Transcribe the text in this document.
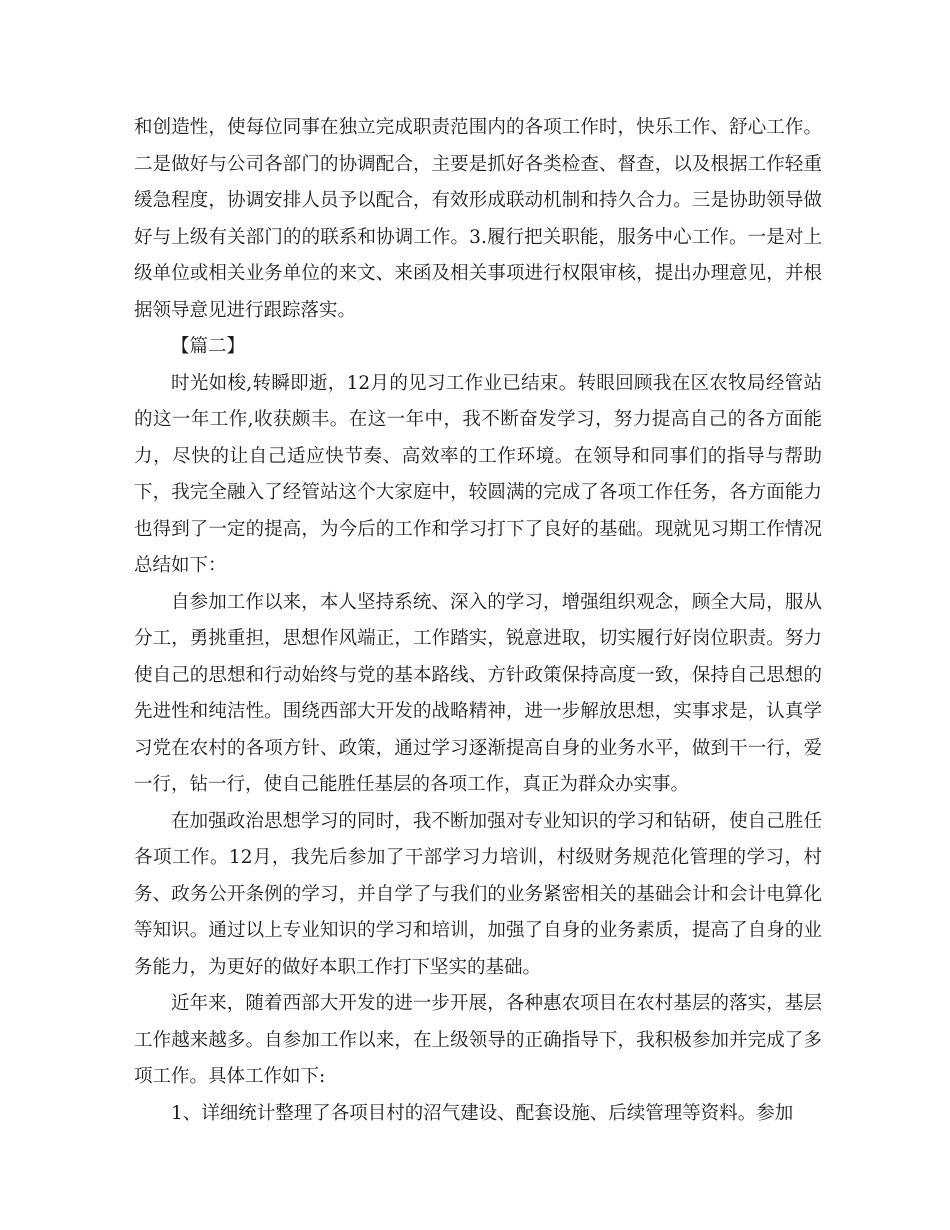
和创造性，使每位同事在独立完成职责范围内的各项工作时，快乐工作、舒心工作。二是做好与公司各部门的协调配合，主要是抓好各类检查、督查，以及根据工作轻重缓急程度，协调安排人员予以配合，有效形成联动机制和持久合力。三是协助领导做好与上级有关部门的的联系和协调工作。3.履行把关职能，服务中心工作。一是对上级单位或相关业务单位的来文、来函及相关事项进行权限审核，提出办理意见，并根据领导意见进行跟踪落实。

【篇二】

时光如梭,转瞬即逝，12月的见习工作业已结束。转眼回顾我在区农牧局经管站的这一年工作,收获颇丰。在这一年中，我不断奋发学习，努力提高自己的各方面能力，尽快的让自己适应快节奏、高效率的工作环境。在领导和同事们的指导与帮助下，我完全融入了经管站这个大家庭中，较圆满的完成了各项工作任务，各方面能力也得到了一定的提高，为今后的工作和学习打下了良好的基础。现就见习期工作情况总结如下：

自参加工作以来，本人坚持系统、深入的学习，增强组织观念，顾全大局，服从分工，勇挑重担，思想作风端正，工作踏实，锐意进取，切实履行好岗位职责。努力使自己的思想和行动始终与党的基本路线、方针政策保持高度一致，保持自己思想的先进性和纯洁性。围绕西部大开发的战略精神，进一步解放思想，实事求是，认真学习党在农村的各项方针、政策，通过学习逐渐提高自身的业务水平，做到干一行，爱一行，钻一行，使自己能胜任基层的各项工作，真正为群众办实事。

在加强政治思想学习的同时，我不断加强对专业知识的学习和钻研，使自己胜任各项工作。12月，我先后参加了干部学习力培训，村级财务规范化管理的学习，村务、政务公开条例的学习，并自学了与我们的业务紧密相关的基础会计和会计电算化等知识。通过以上专业知识的学习和培训，加强了自身的业务素质，提高了自身的业务能力，为更好的做好本职工作打下坚实的基础。

近年来，随着西部大开发的进一步开展，各种惠农项目在农村基层的落实，基层工作越来越多。自参加工作以来，在上级领导的正确指导下，我积极参加并完成了多项工作。具体工作如下:

1、详细统计整理了各项目村的沼气建设、配套设施、后续管理等资料。参加
